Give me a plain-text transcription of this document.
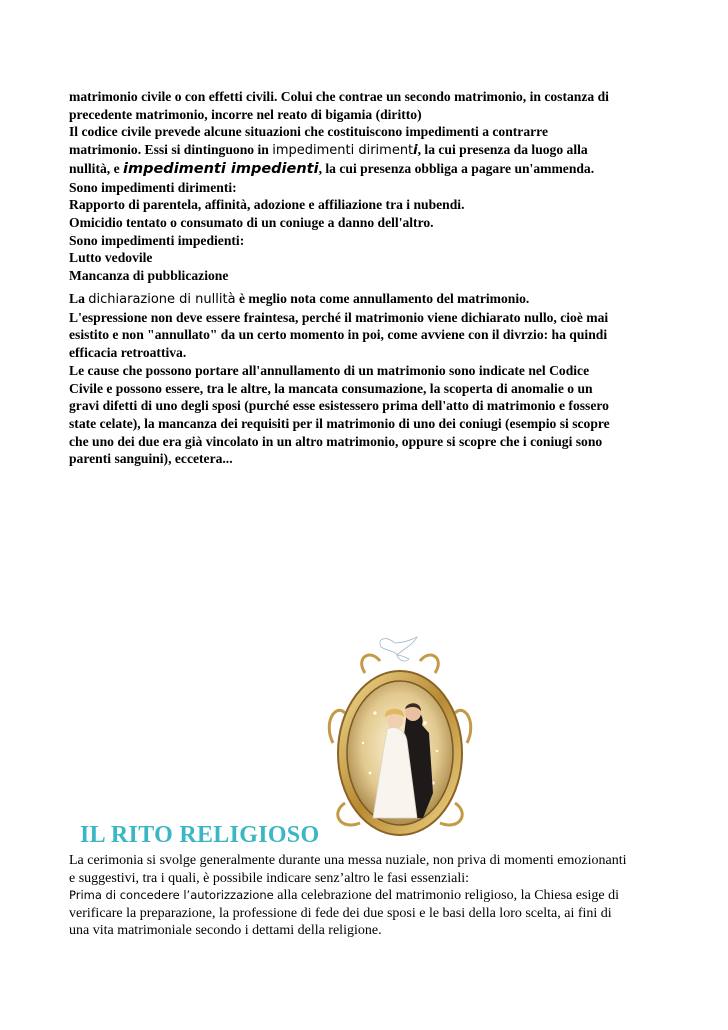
matrimonio civile o con effetti civili. Colui che contrae un secondo matrimonio, in costanza di
precedente matrimonio, incorre nel reato di bigamia (diritto)
Il codice civile prevede alcune situazioni che costituiscono impedimenti a contrarre
matrimonio. Essi si dintinguono in impedimenti dirimenti, la cui presenza da luogo alla
nullità, e impedimenti impedienti, la cui presenza obbliga a pagare un'ammenda.
Sono impedimenti dirimenti:
Rapporto di parentela, affinità, adozione e affiliazione tra i nubendi.
Omicidio tentato o consumato di un coniuge a danno dell'altro.
Sono impedimenti impedienti:
Lutto vedovile
Mancanza di pubblicazione
La dichiarazione di nullità è meglio nota come annullamento del matrimonio.
L'espressione non deve essere fraintesa, perché il matrimonio viene dichiarato nullo, cioè mai
esistito e non "annullato" da un certo momento in poi, come avviene con il divrzio: ha quindi
efficacia retroattiva.
Le cause che possono portare all'annullamento di un matrimonio sono indicate nel Codice
Civile e possono essere, tra le altre, la mancata consumazione, la scoperta di anomalie o un
gravi difetti di uno degli sposi (purché esse esistessero prima dell'atto di matrimonio e fossero
state celate), la mancanza dei requisiti per il matrimonio di uno dei coniugi (esempio si scopre
che uno dei due era già vincolato in un altro matrimonio, oppure si scopre che i coniugi sono
parenti sanguini), eccetera...
IL RITO RELIGIOSO
La cerimonia si svolge generalmente durante una messa nuziale, non priva di momenti emozionanti
e suggestivi, tra i quali, è possibile indicare senz’altro le fasi essenziali:
Prima di concedere l’autorizzazione alla celebrazione del matrimonio religioso, la Chiesa esige di
verificare la preparazione, la professione di fede dei due sposi e le basi della loro scelta, ai fini di
una vita matrimoniale secondo i dettami della religione.
